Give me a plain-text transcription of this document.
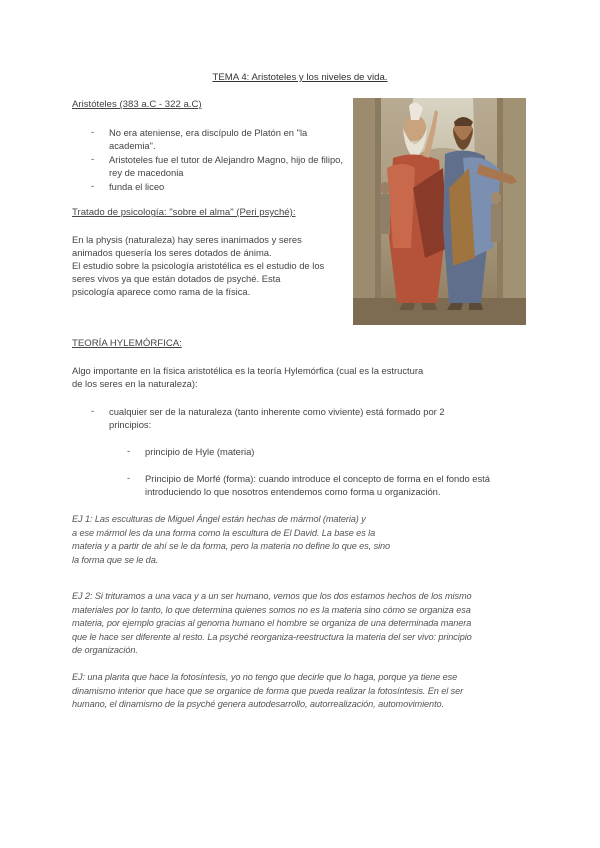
TEMA 4: Aristoteles y los niveles de vida.
Aristóteles (383 a.C - 322 a.C)
- No era ateniense, era discípulo de Platón en "la academia".
- Aristoteles fue el tutor de Alejandro Magno, hijo de filipo, rey de macedonia
- funda el liceo
Tratado de psicología: "sobre el alma" (Peri psyché):
En la physis (naturaleza) hay seres inanimados y seres
animados quesería los seres dotados de ánima.
El estudio sobre la psicología aristotélica es el estudio de los
seres vivos ya que están dotados de psyché. Esta
psicología aparece como rama de la física.
TEORÍA HYLEMÓRFICA:
Algo importante en la física aristotélica es la teoría Hylemórfica (cual es la estructura
de los seres en la naturaleza):
- cualquier ser de la naturaleza (tanto inherente como viviente) está formado por 2
principios:
- principio de Hyle (materia)
- Principio de Morfé (forma): cuando introduce el concepto de forma en el fondo está
introduciendo lo que nosotros entendemos como forma u organización.
EJ 1: Las esculturas de Miguel Ángel están hechas de mármol (materia) y
a ese mármol les da una forma como la escultura de El David. La base es la
materia y a partir de ahí se le da forma, pero la materia no define lo que es, sino
la forma que se le da.
EJ 2: Si trituramos a una vaca y a un ser humano, vemos que los dos estamos hechos de los mismo
materiales por lo tanto, lo que determina quienes somos no es la materia sino cómo se organiza esa
materia, por ejemplo gracias al genoma humano el hombre se organiza de una determinada manera
que le hace ser diferente al resto. La psyché reorganiza-reestructura la materia del ser vivo: principio
de organización.
EJ: una planta que hace la fotosíntesis, yo no tengo que decirle que lo haga, porque ya tiene ese
dinamismo interior que hace que se organice de forma que pueda realizar la fotosíntesis. En el ser
humano, el dinamismo de la psyché genera autodesarrollo, autorrealización, automovimiento.
